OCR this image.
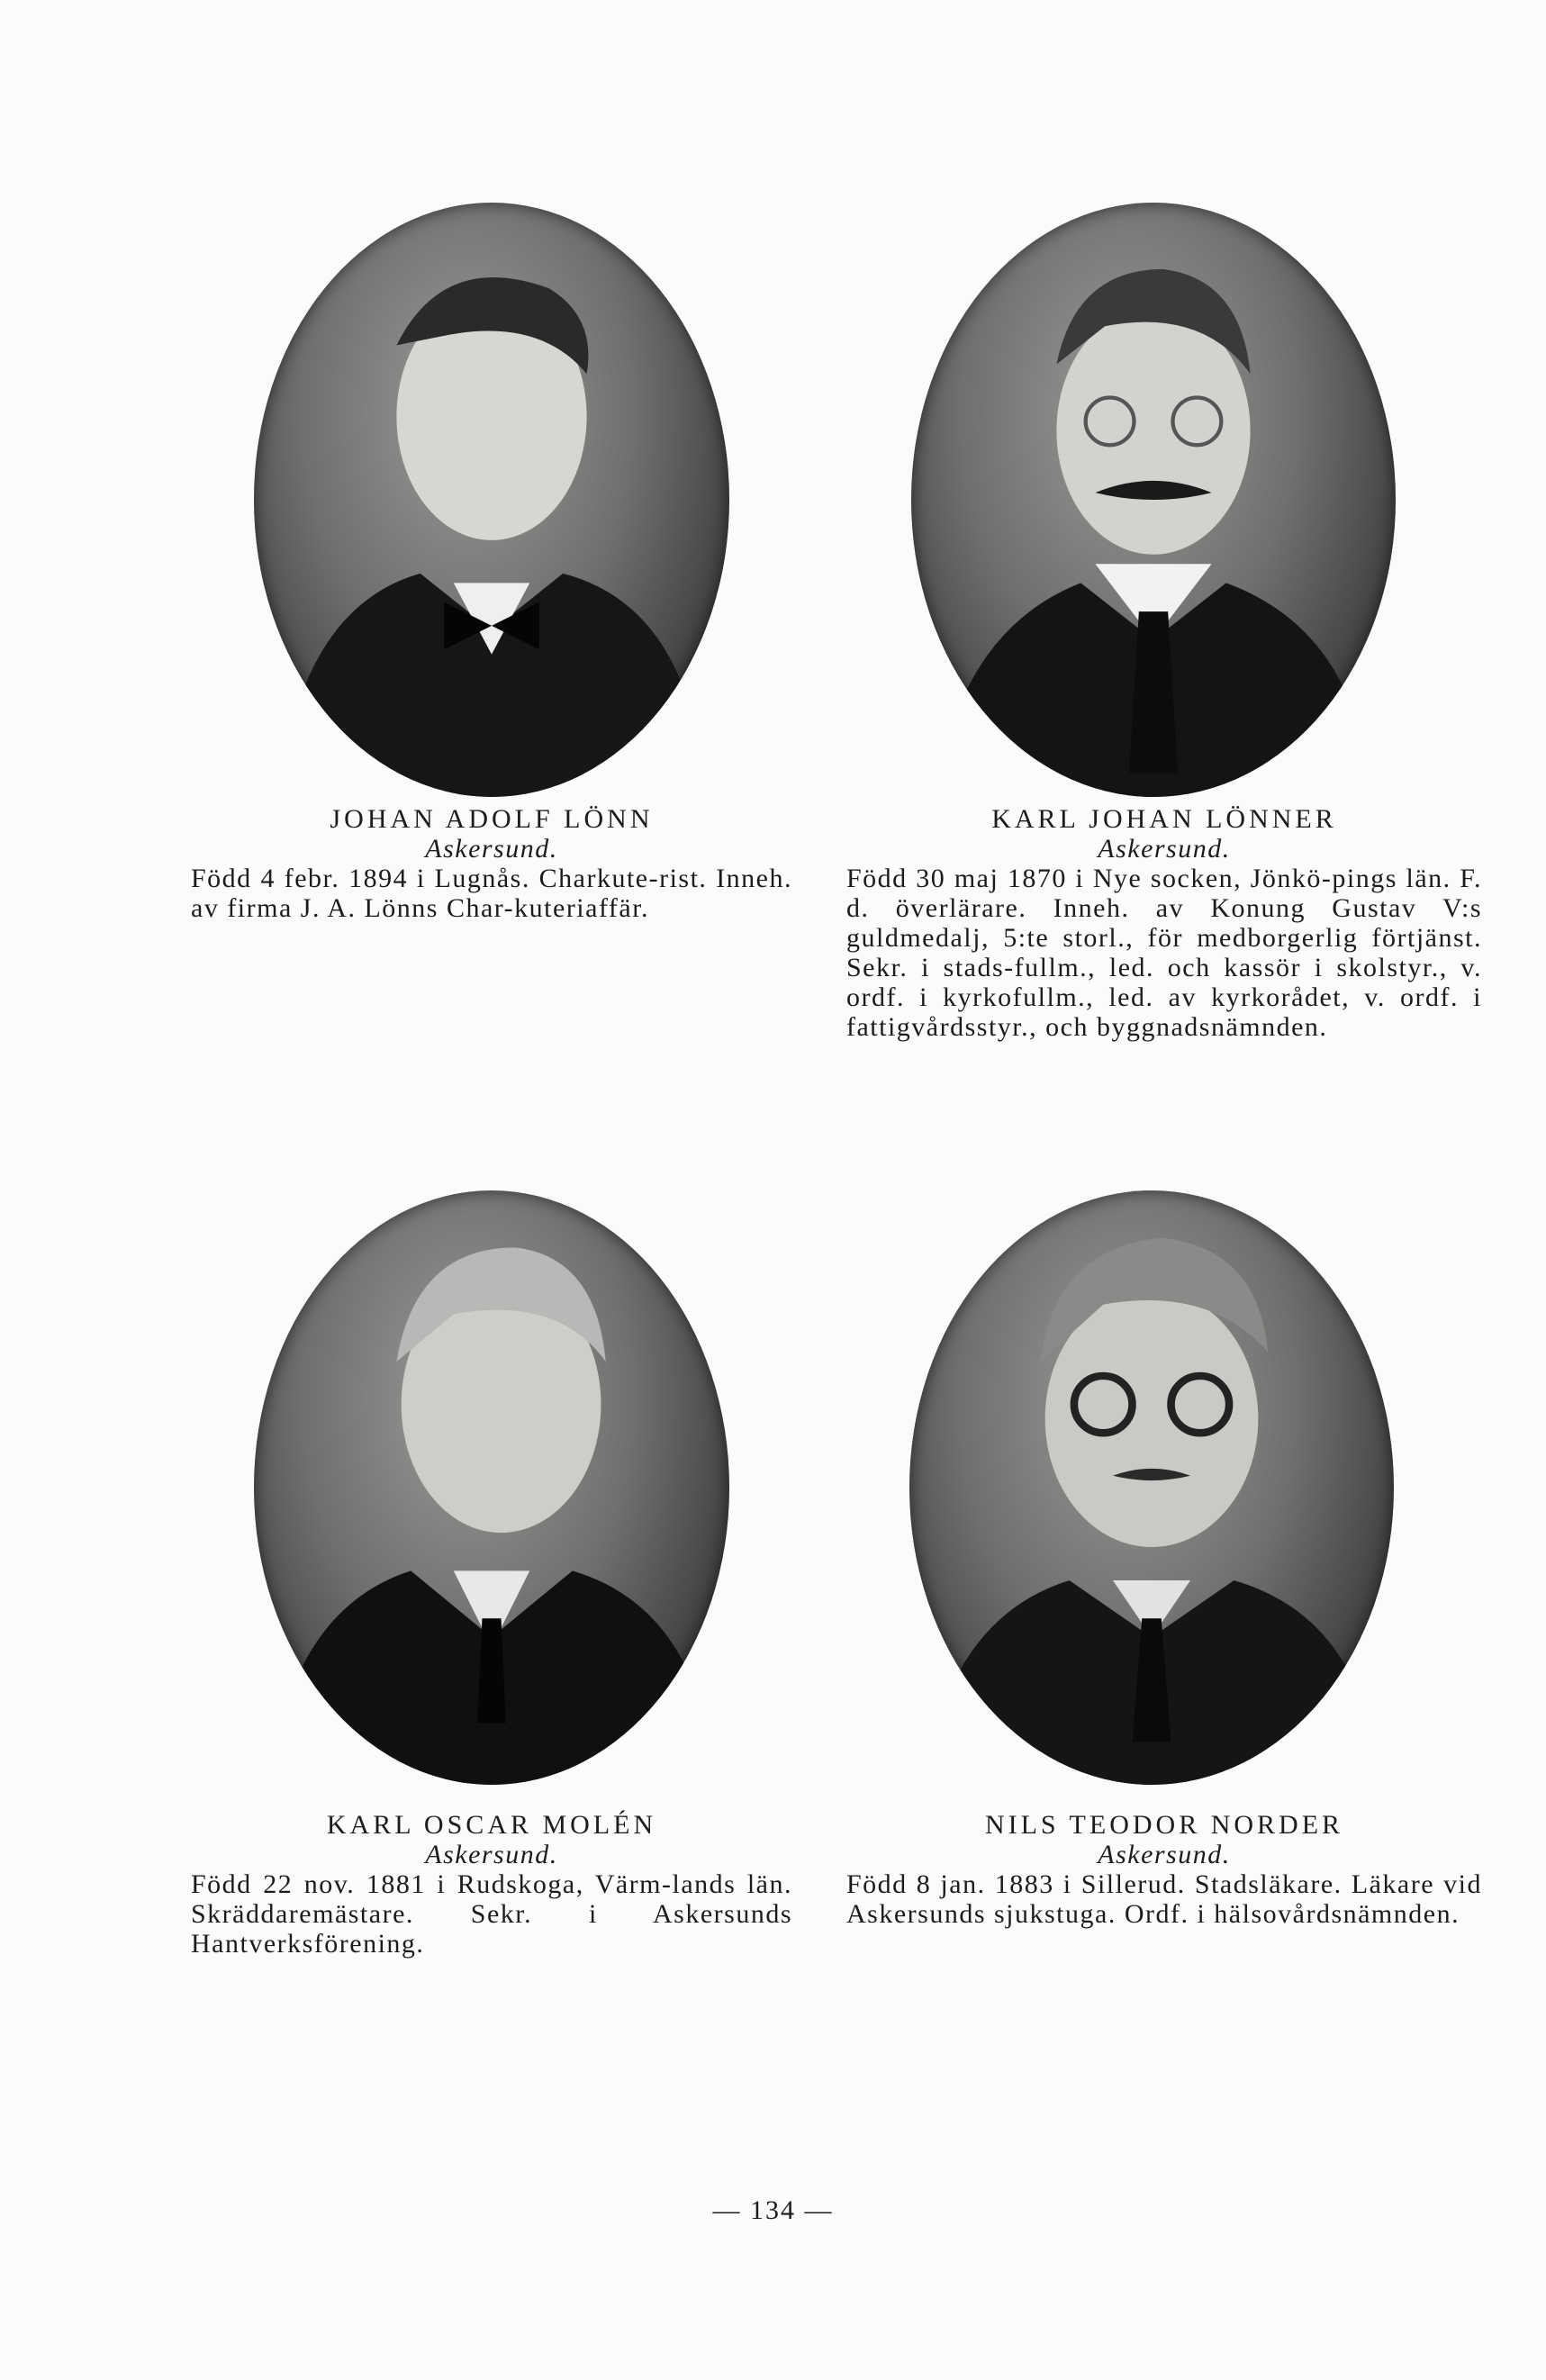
JOHAN ADOLF LÖNN
Askersund.
Född 4 febr. 1894 i Lugnås. Charkute-rist. Inneh. av firma J. A. Lönns Char-kuteriaffär.
KARL JOHAN LÖNNER
Askersund.
Född 30 maj 1870 i Nye socken, Jönkö-pings län. F. d. överlärare. Inneh. av Konung Gustav V:s guldmedalj, 5:te storl., för medborgerlig förtjänst. Sekr. i stads-fullm., led. och kassör i skolstyr., v. ordf. i kyrkofullm., led. av kyrkorådet, v. ordf. i fattigvårdsstyr., och byggnadsnämnden.
KARL OSCAR MOLÉN
Askersund.
Född 22 nov. 1881 i Rudskoga, Värm-lands län. Skräddaremästare. Sekr. i Askersunds Hantverksförening.
NILS TEODOR NORDER
Askersund.
Född 8 jan. 1883 i Sillerud. Stadsläkare. Läkare vid Askersunds sjukstuga. Ordf. i hälsovårdsnämnden.
— 134 —
